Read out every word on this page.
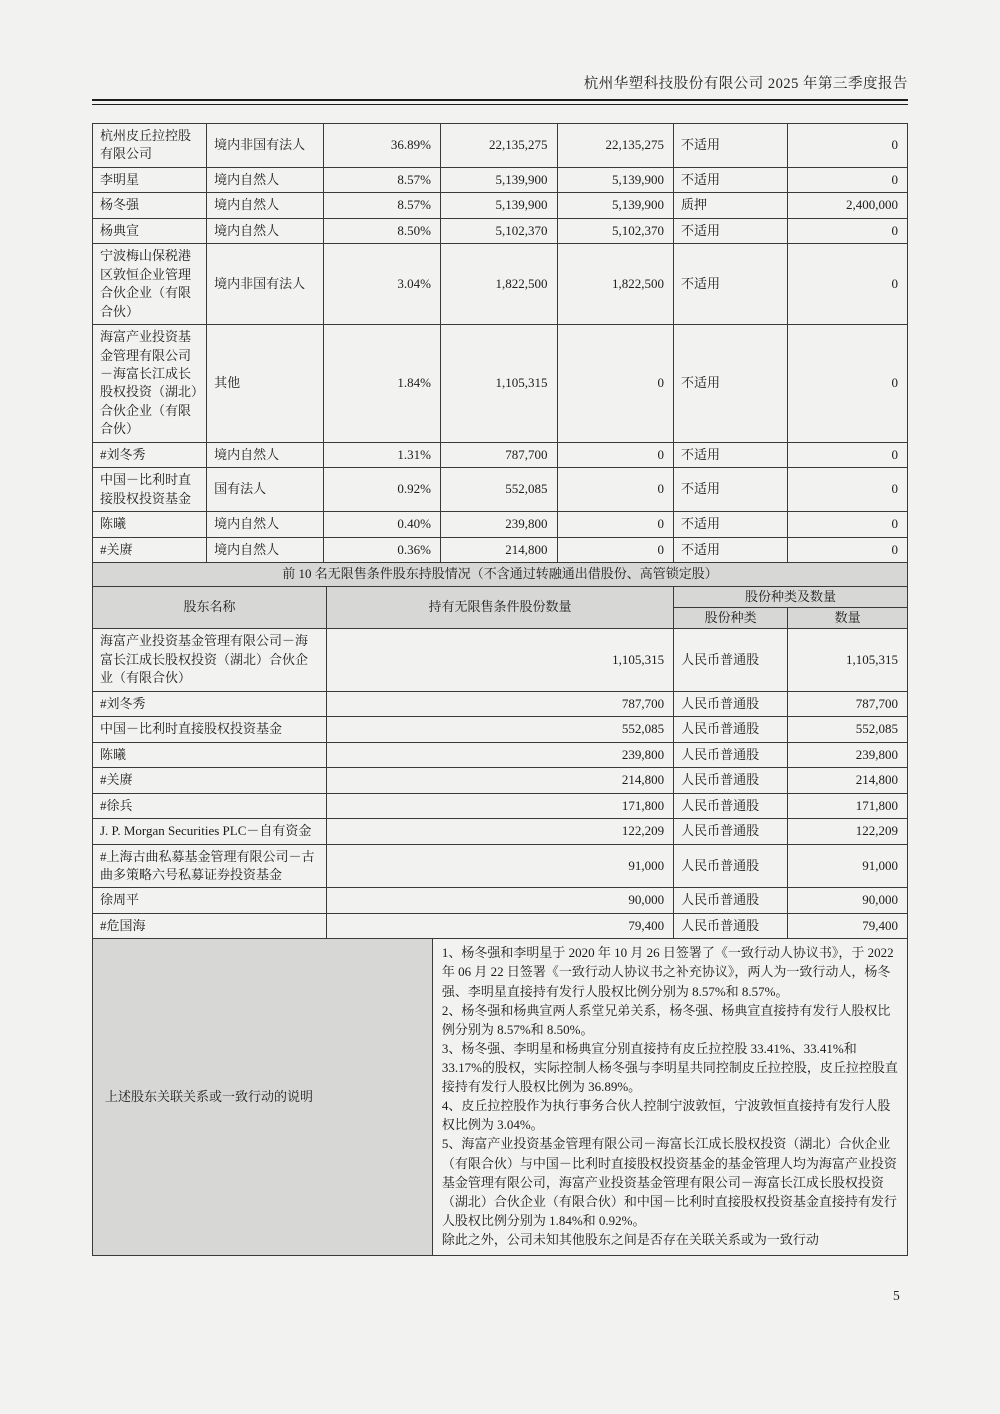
杭州华塑科技股份有限公司 2025 年第三季度报告
杭州皮丘拉控股有限公司	境内非国有法人	36.89%	22,135,275	22,135,275	不适用	0
李明星	境内自然人	8.57%	5,139,900	5,139,900	不适用	0
杨冬强	境内自然人	8.57%	5,139,900	5,139,900	质押	2,400,000
杨典宣	境内自然人	8.50%	5,102,370	5,102,370	不适用	0
宁波梅山保税港区敦恒企业管理合伙企业（有限合伙）	境内非国有法人	3.04%	1,822,500	1,822,500	不适用	0
海富产业投资基金管理有限公司－海富长江成长股权投资（湖北）合伙企业（有限合伙）	其他	1.84%	1,105,315	0	不适用	0
#刘冬秀	境内自然人	1.31%	787,700	0	不适用	0
中国－比利时直接股权投资基金	国有法人	0.92%	552,085	0	不适用	0
陈曦	境内自然人	0.40%	239,800	0	不适用	0
#关赓	境内自然人	0.36%	214,800	0	不适用	0
前 10 名无限售条件股东持股情况（不含通过转融通出借股份、高管锁定股）			
股东名称	持有无限售条件股份数量	股份种类及数量	
		股份种类	数量
海富产业投资基金管理有限公司－海富长江成长股权投资（湖北）合伙企业（有限合伙）	1,105,315	人民币普通股	1,105,315
#刘冬秀	787,700	人民币普通股	787,700
中国－比利时直接股权投资基金	552,085	人民币普通股	552,085
陈曦	239,800	人民币普通股	239,800
#关赓	214,800	人民币普通股	214,800
#徐兵	171,800	人民币普通股	171,800
J. P. Morgan Securities PLC－自有资金	122,209	人民币普通股	122,209
#上海古曲私募基金管理有限公司－古曲多策略六号私募证券投资基金	91,000	人民币普通股	91,000
徐周平	90,000	人民币普通股	90,000
#危国海	79,400	人民币普通股	79,400
上述股东关联关系或一致行动的说明	
1、杨冬强和李明星于 2020 年 10 月 26 日签署了《一致行动人协议书》，于 2022 年 06 月 22 日签署《一致行动人协议书之补充协议》，两人为一致行动人，杨冬强、李明星直接持有发行人股权比例分别为 8.57%和 8.57%。
2、杨冬强和杨典宣两人系堂兄弟关系，杨冬强、杨典宣直接持有发行人股权比例分别为 8.57%和 8.50%。
3、杨冬强、李明星和杨典宣分别直接持有皮丘拉控股 33.41%、33.41%和 33.17%的股权，实际控制人杨冬强与李明星共同控制皮丘拉控股，皮丘拉控股直接持有发行人股权比例为 36.89%。
4、皮丘拉控股作为执行事务合伙人控制宁波敦恒，宁波敦恒直接持有发行人股权比例为 3.04%。
5、海富产业投资基金管理有限公司－海富长江成长股权投资（湖北）合伙企业（有限合伙）与中国－比利时直接股权投资基金的基金管理人均为海富产业投资基金管理有限公司，海富产业投资基金管理有限公司－海富长江成长股权投资（湖北）合伙企业（有限合伙）和中国－比利时直接股权投资基金直接持有发行人股权比例分别为 1.84%和 0.92%。
除此之外，公司未知其他股东之间是否存在关联关系或为一致行动
5
